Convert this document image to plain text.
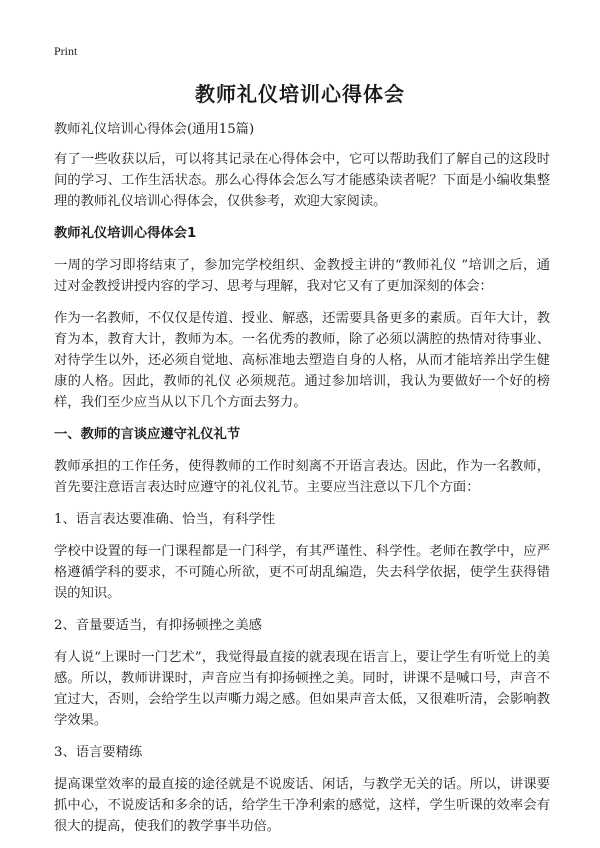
Print
教师礼仪培训心得体会

教师礼仪培训心得体会(通用15篇)

有了一些收获以后，可以将其记录在心得体会中，它可以帮助我们了解自己的这段时间的学习、工作生活状态。那么心得体会怎么写才能感染读者呢？下面是小编收集整理的教师礼仪培训心得体会，仅供参考，欢迎大家阅读。

教师礼仪培训心得体会1

一周的学习即将结束了，参加完学校组织、金教授主讲的“教师礼仪 ”培训之后，通过对金教授讲授内容的学习、思考与理解，我对它又有了更加深刻的体会：

作为一名教师，不仅仅是传道、授业、解惑，还需要具备更多的素质。百年大计，教育为本，教育大计，教师为本。一名优秀的教师，除了必须以满腔的热情对待事业、对待学生以外，还必须自觉地、高标准地去塑造自身的人格，从而才能培养出学生健康的人格。因此，教师的礼仪 必须规范。通过参加培训，我认为要做好一个好的榜样，我们至少应当从以下几个方面去努力。

一、教师的言谈应遵守礼仪礼节

教师承担的工作任务，使得教师的工作时刻离不开语言表达。因此，作为一名教师，首先要注意语言表达时应遵守的礼仪礼节。主要应当注意以下几个方面：

1、语言表达要准确、恰当，有科学性

学校中设置的每一门课程都是一门科学，有其严谨性、科学性。老师在教学中，应严格遵循学科的要求，不可随心所欲，更不可胡乱编造，失去科学依据，使学生获得错误的知识。

2、音量要适当，有抑扬顿挫之美感

有人说“上课时一门艺术”，我觉得最直接的就表现在语言上，要让学生有听觉上的美感。所以，教师讲课时，声音应当有抑扬顿挫之美。同时，讲课不是喊口号，声音不宜过大，否则，会给学生以声嘶力竭之感。但如果声音太低，又很难听清，会影响教学效果。

3、语言要精练

提高课堂效率的最直接的途径就是不说废话、闲话，与教学无关的话。所以，讲课要抓中心，不说废话和多余的话，给学生干净利索的感觉，这样，学生听课的效率会有很大的提高，使我们的教学事半功倍。
